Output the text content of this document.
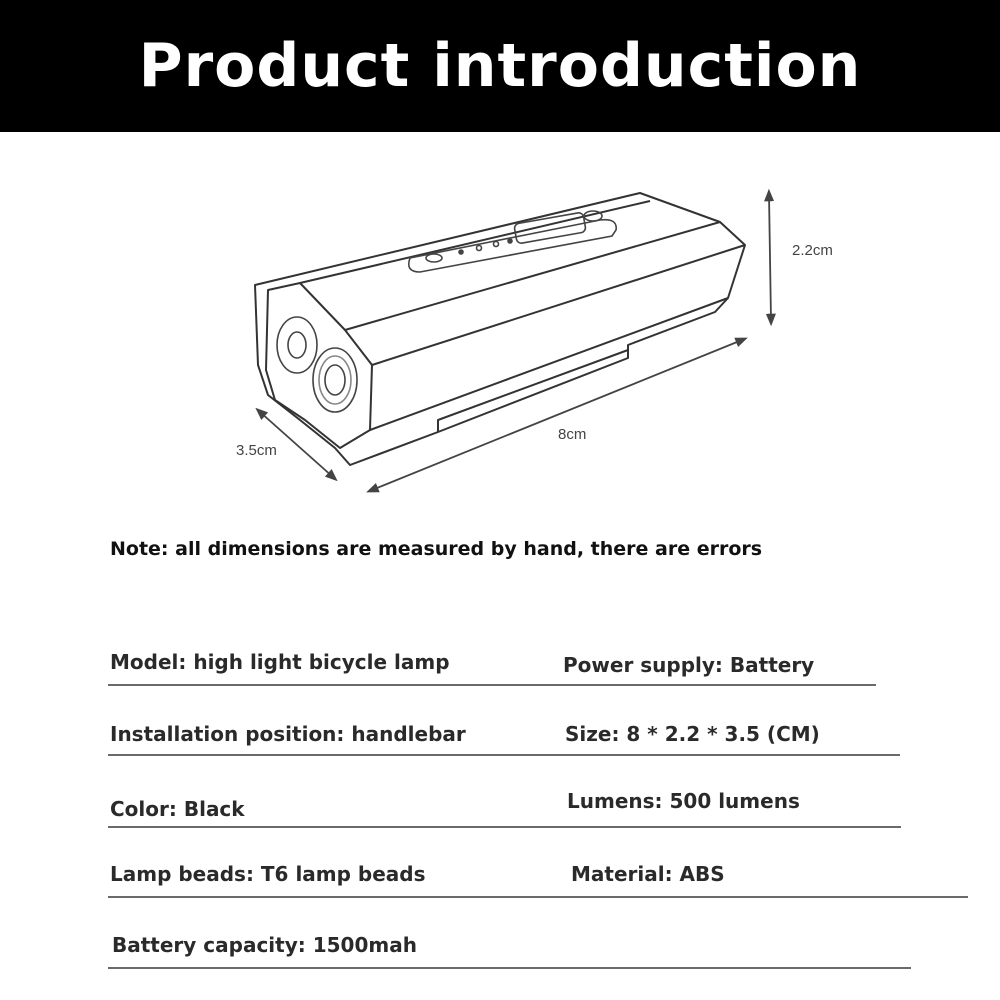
Product introduction
2.2cm
8cm
3.5cm

Note: all dimensions are measured by hand, there are errors

Model: high light bicycle lamp	Power supply: Battery
Installation position: handlebar	Size: 8 * 2.2 * 3.5 (CM)
Color: Black	Lumens: 500 lumens
Lamp beads: T6 lamp beads	Material: ABS
Battery capacity: 1500mah
